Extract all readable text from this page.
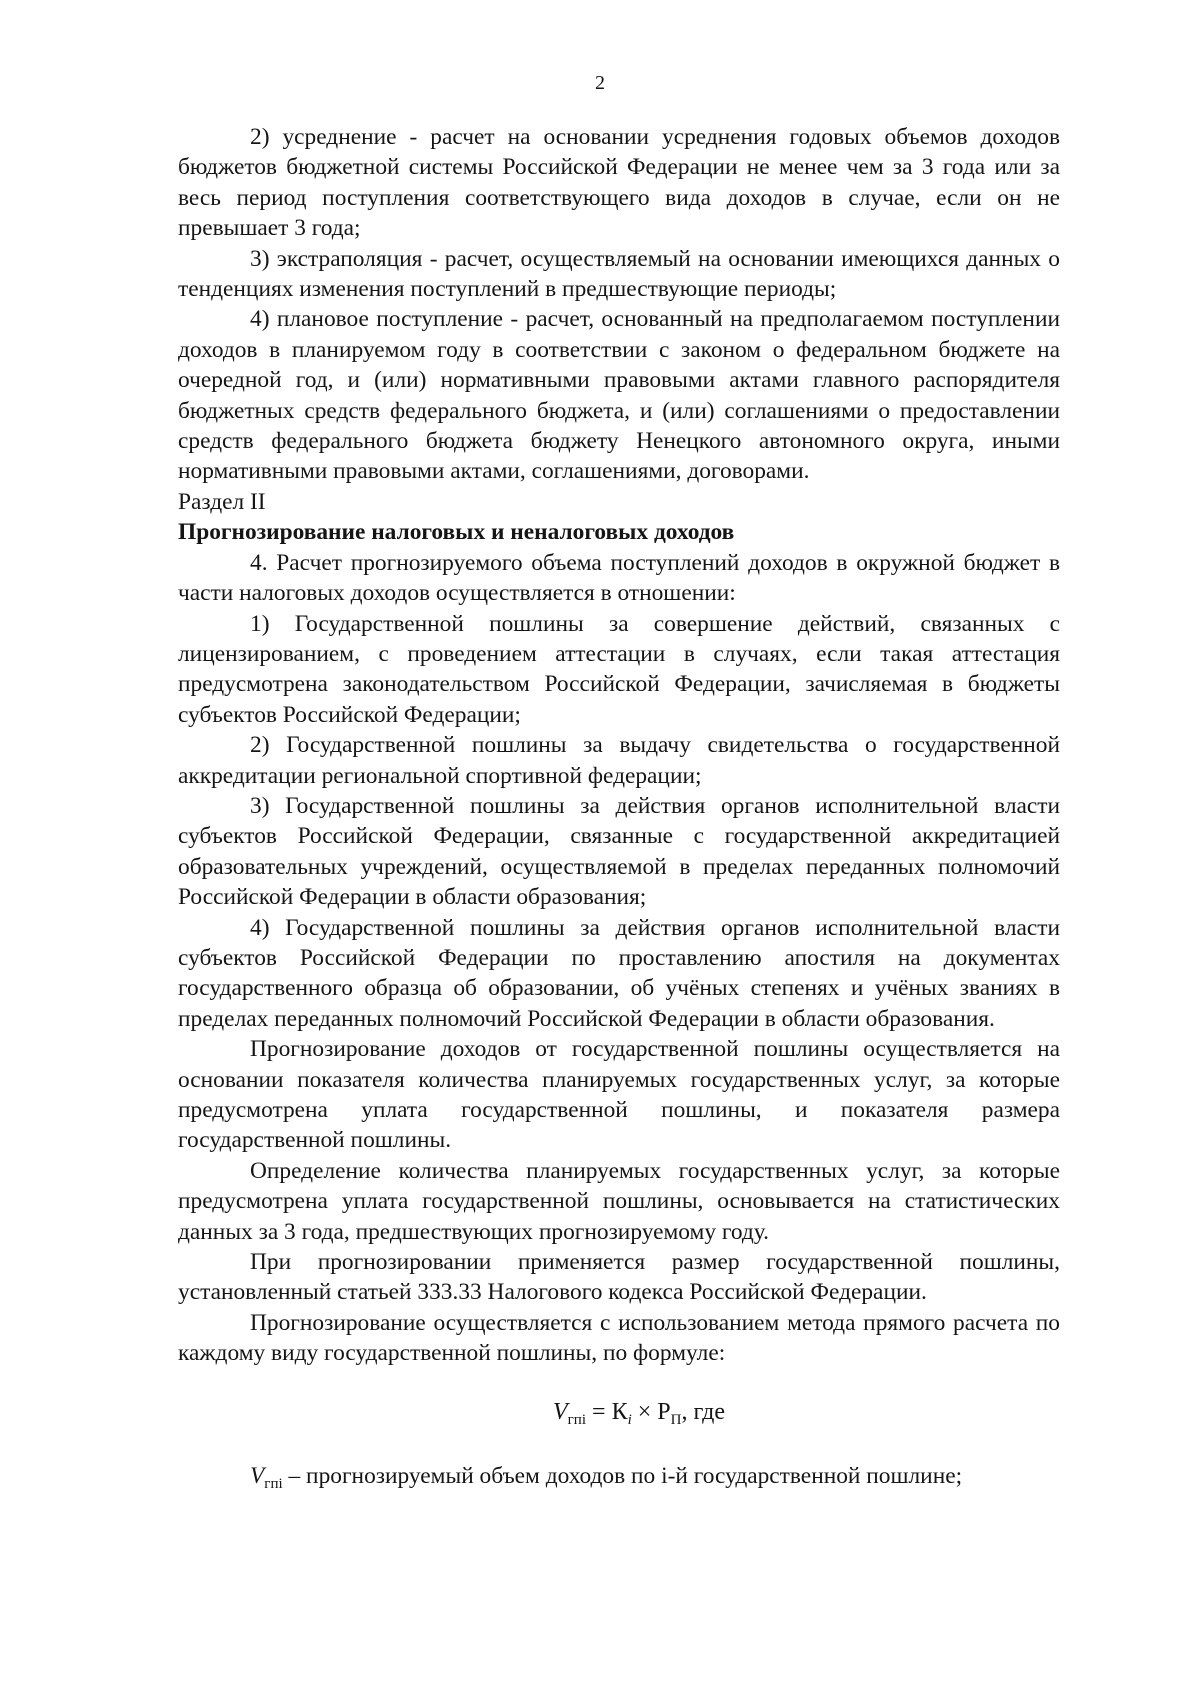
2

2) усреднение - расчет на основании усреднения годовых объемов доходов бюджетов бюджетной системы Российской Федерации не менее чем за 3 года или за весь период поступления соответствующего вида доходов в случае, если он не превышает 3 года;

3) экстраполяция - расчет, осуществляемый на основании имеющихся данных о тенденциях изменения поступлений в предшествующие периоды;

4) плановое поступление - расчет, основанный на предполагаемом поступлении доходов в планируемом году в соответствии с законом о федеральном бюджете на очередной год, и (или) нормативными правовыми актами главного распорядителя бюджетных средств федерального бюджета, и (или) соглашениями о предоставлении средств федерального бюджета бюджету Ненецкого автономного округа, иными нормативными правовыми актами, соглашениями, договорами.

Раздел II

Прогнозирование налоговых и неналоговых доходов

4. Расчет прогнозируемого объема поступлений доходов в окружной бюджет в части налоговых доходов осуществляется в отношении:

1) Государственной пошлины за совершение действий, связанных с лицензированием, с проведением аттестации в случаях, если такая аттестация предусмотрена законодательством Российской Федерации, зачисляемая в бюджеты субъектов Российской Федерации;

2) Государственной пошлины за выдачу свидетельства о государственной аккредитации региональной спортивной федерации;

3) Государственной пошлины за действия органов исполнительной власти субъектов Российской Федерации, связанные с государственной аккредитацией образовательных учреждений, осуществляемой в пределах переданных полномочий Российской Федерации в области образования;

4) Государственной пошлины за действия органов исполнительной власти субъектов Российской Федерации по проставлению апостиля на документах государственного образца об образовании, об учёных степенях и учёных званиях в пределах переданных полномочий Российской Федерации в области образования.

Прогнозирование доходов от государственной пошлины осуществляется на основании показателя количества планируемых государственных услуг, за которые предусмотрена уплата государственной пошлины, и показателя размера государственной пошлины.

Определение количества планируемых государственных услуг, за которые предусмотрена уплата государственной пошлины, основывается на статистических данных за 3 года, предшествующих прогнозируемому году.

При прогнозировании применяется размер государственной пошлины, установленный статьей 333.33 Налогового кодекса Российской Федерации.

Прогнозирование осуществляется с использованием метода прямого расчета по каждому виду государственной пошлины, по формуле:

$V_{гпi} = К_i \times Р_П$, где

$V_{гпi}$ – прогнозируемый объем доходов по i-й государственной пошлине;
